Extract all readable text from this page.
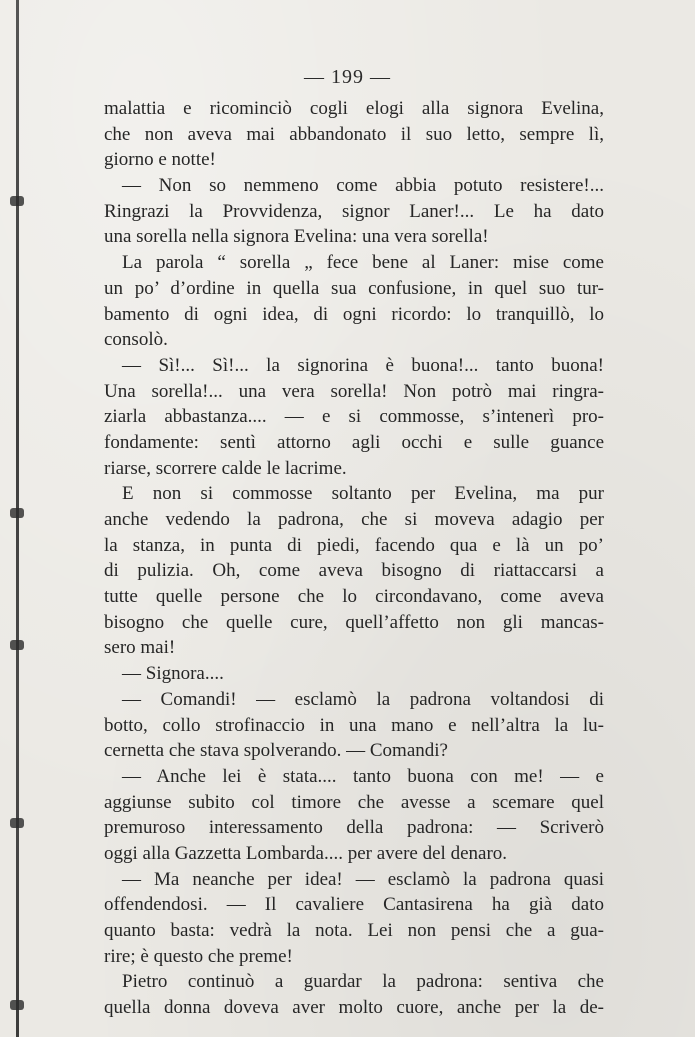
— 199 —
malattia e ricominciò cogli elogi alla signora Evelina,
che non aveva mai abbandonato il suo letto, sempre lì,
giorno e notte!
— Non so nemmeno come abbia potuto resistere!...
Ringrazi la Provvidenza, signor Laner!... Le ha dato
una sorella nella signora Evelina: una vera sorella!
La parola “ sorella „ fece bene al Laner: mise come
un po’ d’ordine in quella sua confusione, in quel suo tur-
bamento di ogni idea, di ogni ricordo: lo tranquillò, lo
consolò.
— Sì!... Sì!... la signorina è buona!... tanto buona!
Una sorella!... una vera sorella! Non potrò mai ringra-
ziarla abbastanza.... — e si commosse, s’intenerì pro-
fondamente: sentì attorno agli occhi e sulle guance
riarse, scorrere calde le lacrime.
E non si commosse soltanto per Evelina, ma pur
anche vedendo la padrona, che si moveva adagio per
la stanza, in punta di piedi, facendo qua e là un po’
di pulizia. Oh, come aveva bisogno di riattaccarsi a
tutte quelle persone che lo circondavano, come aveva
bisogno che quelle cure, quell’affetto non gli mancas-
sero mai!
— Signora....
— Comandi! — esclamò la padrona voltandosi di
botto, collo strofinaccio in una mano e nell’altra la lu-
cernetta che stava spolverando. — Comandi?
— Anche lei è stata.... tanto buona con me! — e
aggiunse subito col timore che avesse a scemare quel
premuroso interessamento della padrona: — Scriverò
oggi alla Gazzetta Lombarda.... per avere del denaro.
— Ma neanche per idea! — esclamò la padrona quasi
offendendosi. — Il cavaliere Cantasirena ha già dato
quanto basta: vedrà la nota. Lei non pensi che a gua-
rire; è questo che preme!
Pietro continuò a guardar la padrona: sentiva che
quella donna doveva aver molto cuore, anche per la de-
